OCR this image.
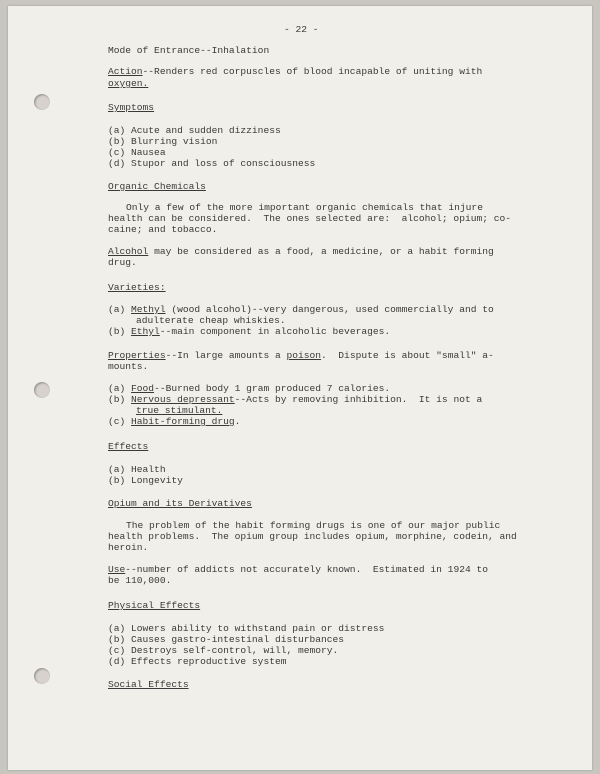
- 22 -
Mode of Entrance--Inhalation
Action--Renders red corpuscles of blood incapable of uniting with
oxygen.
Symptoms
(a) Acute and sudden dizziness
(b) Blurring vision
(c) Nausea
(d) Stupor and loss of consciousness
Organic Chemicals
Only a few of the more important organic chemicals that injure
health can be considered.  The ones selected are:  alcohol; opium; co-
caine; and tobacco.
Alcohol may be considered as a food, a medicine, or a habit forming
drug.
Varieties:
(a) Methyl (wood alcohol)--very dangerous, used commercially and to
adulterate cheap whiskies.
(b) Ethyl--main component in alcoholic beverages.
Properties--In large amounts a poison.  Dispute is about "small" a-
mounts.
(a) Food--Burned body 1 gram produced 7 calories.
(b) Nervous depressant--Acts by removing inhibition.  It is not a
true stimulant.
(c) Habit-forming drug.
Effects
(a) Health
(b) Longevity
Opium and its Derivatives
The problem of the habit forming drugs is one of our major public
health problems.  The opium group includes opium, morphine, codein, and
heroin.
Use--number of addicts not accurately known.  Estimated in 1924 to
be 110,000.
Physical Effects
(a) Lowers ability to withstand pain or distress
(b) Causes gastro-intestinal disturbances
(c) Destroys self-control, will, memory.
(d) Effects reproductive system
Social Effects
